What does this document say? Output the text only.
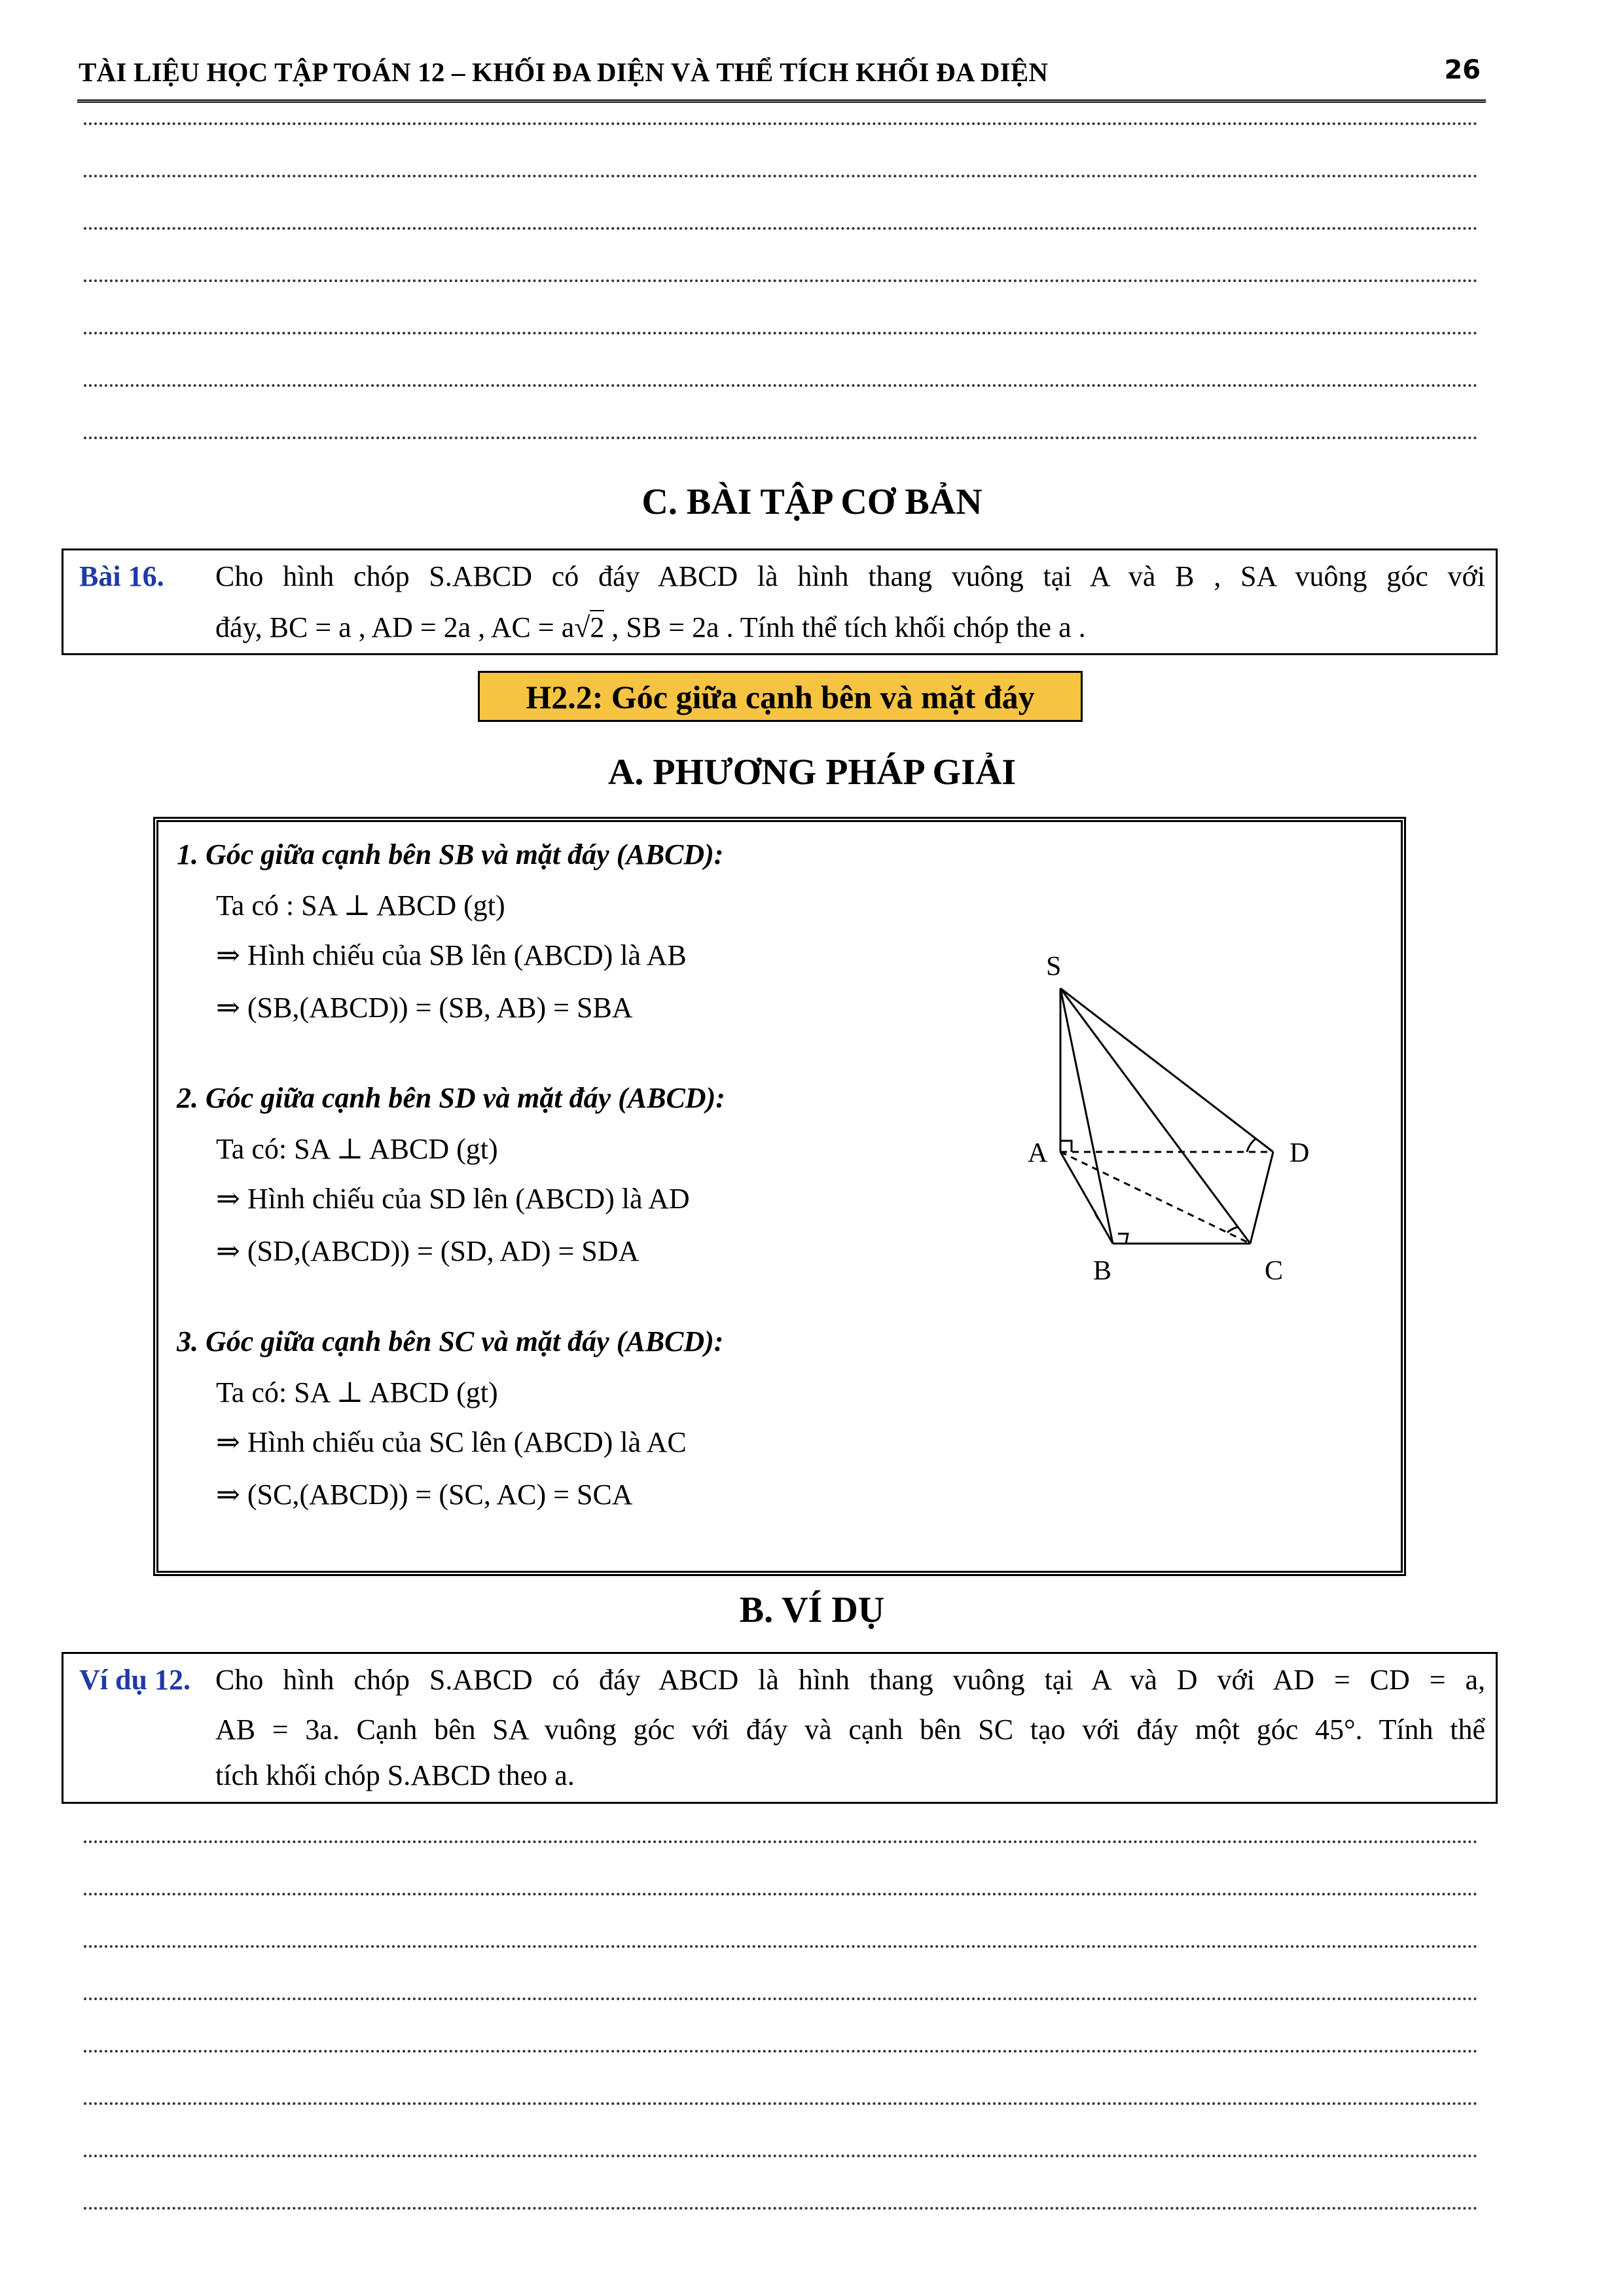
TÀI LIỆU HỌC TẬP TOÁN 12 – KHỐI ĐA DIỆN VÀ THỂ TÍCH KHỐI ĐA DIỆN	26
C. BÀI TẬP CƠ BẢN
Bài 16. Cho hình chóp S.ABCD có đáy ABCD là hình thang vuông tại A và B , SA vuông góc với
đáy, BC = a , AD = 2a , AC = a√2 , SB = 2a . Tính thể tích khối chóp the a .
H2.2: Góc giữa cạnh bên và mặt đáy
A. PHƯƠNG PHÁP GIẢI
1. Góc giữa cạnh bên SB và mặt đáy (ABCD):
Ta có : SA ⊥ ABCD (gt)
⇒ Hình chiếu của SB lên (ABCD) là AB
⇒ (SB,(ABCD)) = (SB, AB) = SBA
2. Góc giữa cạnh bên SD và mặt đáy (ABCD):
Ta có: SA ⊥ ABCD (gt)
⇒ Hình chiếu của SD lên (ABCD) là AD
⇒ (SD,(ABCD)) = (SD, AD) = SDA
3. Góc giữa cạnh bên SC và mặt đáy (ABCD):
Ta có: SA ⊥ ABCD (gt)
⇒ Hình chiếu của SC lên (ABCD) là AC
⇒ (SC,(ABCD)) = (SC, AC) = SCA
S
A
B	C
D
B. VÍ DỤ
Ví dụ 12. Cho hình chóp S.ABCD có đáy ABCD là hình thang vuông tại A và D với AD = CD = a,
AB = 3a. Cạnh bên SA vuông góc với đáy và cạnh bên SC tạo với đáy một góc 45°. Tính thể
tích khối chóp S.ABCD theo a.
